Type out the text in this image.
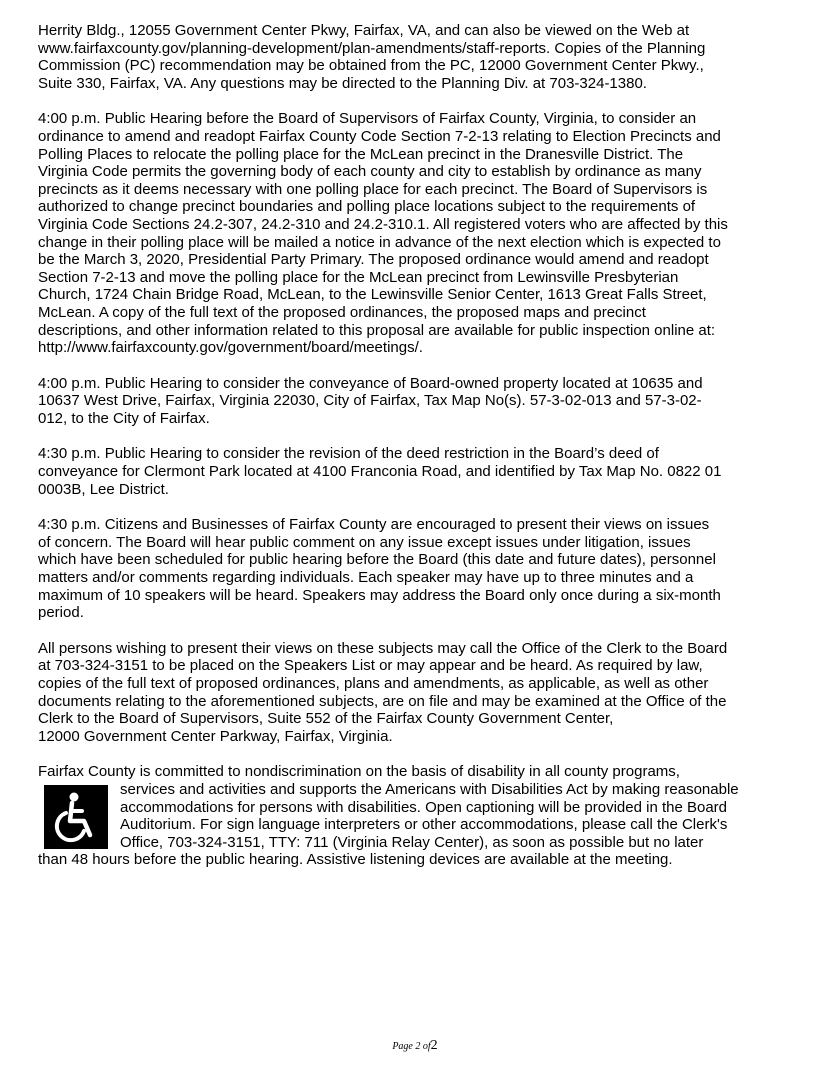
Herrity Bldg., 12055 Government Center Pkwy, Fairfax, VA, and can also be viewed on the Web at
www.fairfaxcounty.gov/planning-development/plan-amendments/staff-reports. Copies of the Planning
Commission (PC) recommendation may be obtained from the PC, 12000 Government Center Pkwy.,
Suite 330, Fairfax, VA. Any questions may be directed to the Planning Div. at 703-324-1380.

4:00 p.m. Public Hearing before the Board of Supervisors of Fairfax County, Virginia, to consider an
ordinance to amend and readopt Fairfax County Code Section 7-2-13 relating to Election Precincts and
Polling Places to relocate the polling place for the McLean precinct in the Dranesville District. The
Virginia Code permits the governing body of each county and city to establish by ordinance as many
precincts as it deems necessary with one polling place for each precinct. The Board of Supervisors is
authorized to change precinct boundaries and polling place locations subject to the requirements of
Virginia Code Sections 24.2-307, 24.2-310 and 24.2-310.1. All registered voters who are affected by this
change in their polling place will be mailed a notice in advance of the next election which is expected to
be the March 3, 2020, Presidential Party Primary. The proposed ordinance would amend and readopt
Section 7-2-13 and move the polling place for the McLean precinct from Lewinsville Presbyterian
Church, 1724 Chain Bridge Road, McLean, to the Lewinsville Senior Center, 1613 Great Falls Street,
McLean. A copy of the full text of the proposed ordinances, the proposed maps and precinct
descriptions, and other information related to this proposal are available for public inspection online at:
http://www.fairfaxcounty.gov/government/board/meetings/.

4:00 p.m. Public Hearing to consider the conveyance of Board-owned property located at 10635 and
10637 West Drive, Fairfax, Virginia 22030, City of Fairfax, Tax Map No(s). 57-3-02-013 and 57-3-02-
012, to the City of Fairfax.

4:30 p.m. Public Hearing to consider the revision of the deed restriction in the Board’s deed of
conveyance for Clermont Park located at 4100 Franconia Road, and identified by Tax Map No. 0822 01
0003B, Lee District.

4:30 p.m. Citizens and Businesses of Fairfax County are encouraged to present their views on issues
of concern. The Board will hear public comment on any issue except issues under litigation, issues
which have been scheduled for public hearing before the Board (this date and future dates), personnel
matters and/or comments regarding individuals. Each speaker may have up to three minutes and a
maximum of 10 speakers will be heard. Speakers may address the Board only once during a six-month
period.

All persons wishing to present their views on these subjects may call the Office of the Clerk to the Board
at 703-324-3151 to be placed on the Speakers List or may appear and be heard. As required by law,
copies of the full text of proposed ordinances, plans and amendments, as applicable, as well as other
documents relating to the aforementioned subjects, are on file and may be examined at the Office of the
Clerk to the Board of Supervisors, Suite 552 of the Fairfax County Government Center,
12000 Government Center Parkway, Fairfax, Virginia.

Fairfax County is committed to nondiscrimination on the basis of disability in all county programs,
services and activities and supports the Americans with Disabilities Act by making reasonable
accommodations for persons with disabilities. Open captioning will be provided in the Board
Auditorium. For sign language interpreters or other accommodations, please call the Clerk's
Office, 703-324-3151, TTY: 711 (Virginia Relay Center), as soon as possible but no later
than 48 hours before the public hearing. Assistive listening devices are available at the meeting.
Page 2 of2
